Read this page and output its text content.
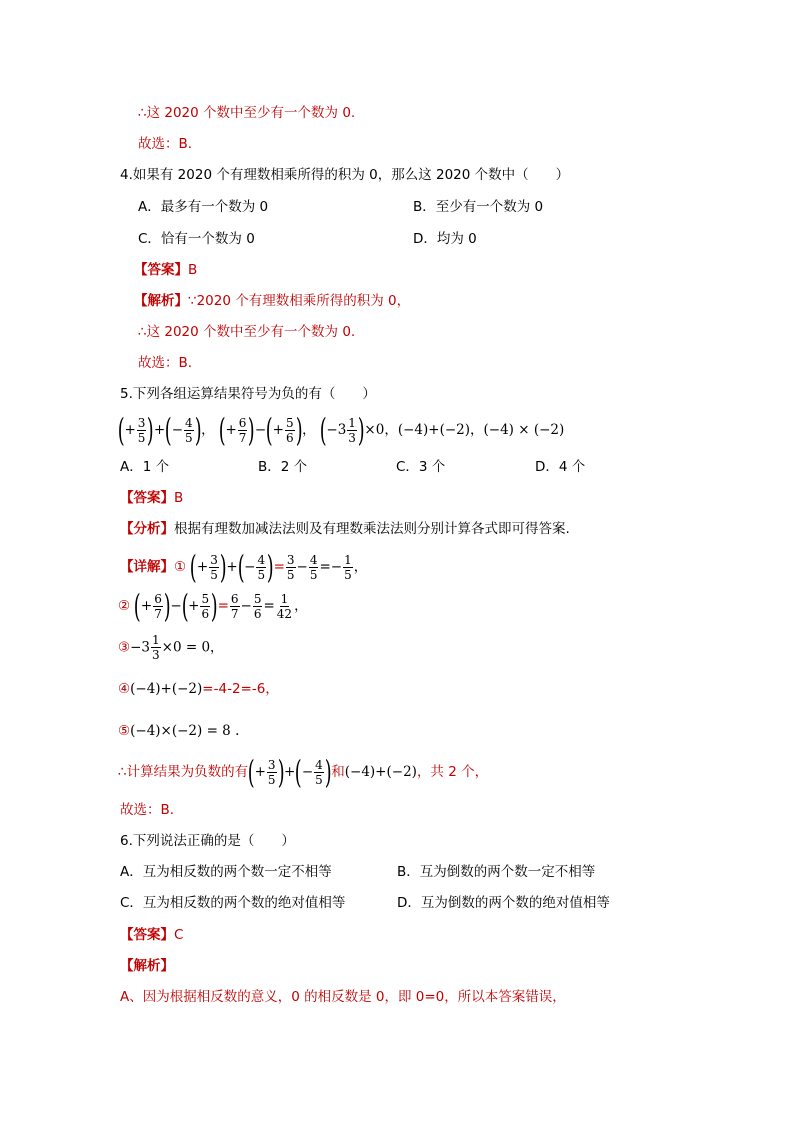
∴这 2020 个数中至少有一个数为 0.
故选：B.
4.如果有 2020 个有理数相乘所得的积为 0，那么这 2020 个数中（　　）
A．最多有一个数为 0	B．至少有一个数为 0
C．恰有一个数为 0	D．均为 0
【答案】B
【解析】∵2020 个有理数相乘所得的积为 0，
∴这 2020 个数中至少有一个数为 0.
故选：B.
5.下列各组运算结果符号为负的有（　　）
(+ $\frac{3}{5}$ )+(− $\frac{4}{5}$ )， (+ $\frac{6}{7}$ )−(+ $\frac{5}{6}$ )， $(-3 \frac{1}{3} )\times 0$，(−4)+(−2)，(−4) × (−2)
A．1 个	B．2 个	C．3 个	D．4 个
【答案】B
【分析】根据有理数加减法法则及有理数乘法法则分别计算各式即可得答案.
【详解】① (+ $\frac{3}{5}$ )+(− $\frac{4}{5}$ )= $\frac{3}{5} - \frac{4}{5} =- \frac{1}{5}$ ，
② (+ $\frac{6}{7}$ )−(+ $\frac{5}{6}$ )= $\frac{6}{7} - \frac{5}{6} = \frac{1}{42}$ ，
③−3 $\frac{1}{3} \times 0 = 0$，
④(−4)+(−2)=-4-2=-6，
⑤(−4)×(−2) = 8 .
∴计算结果为负数的有(+ $\frac{3}{5}$ )+(− $\frac{4}{5}$ )和(−4)+(−2)，共 2 个，
故选：B.
6.下列说法正确的是（　　）
A．互为相反数的两个数一定不相等	B．互为倒数的两个数一定不相等
C．互为相反数的两个数的绝对值相等	D．互为倒数的两个数的绝对值相等
【答案】C
【解析】
A、因为根据相反数的意义，0 的相反数是 0，即 0=0，所以本答案错误，
